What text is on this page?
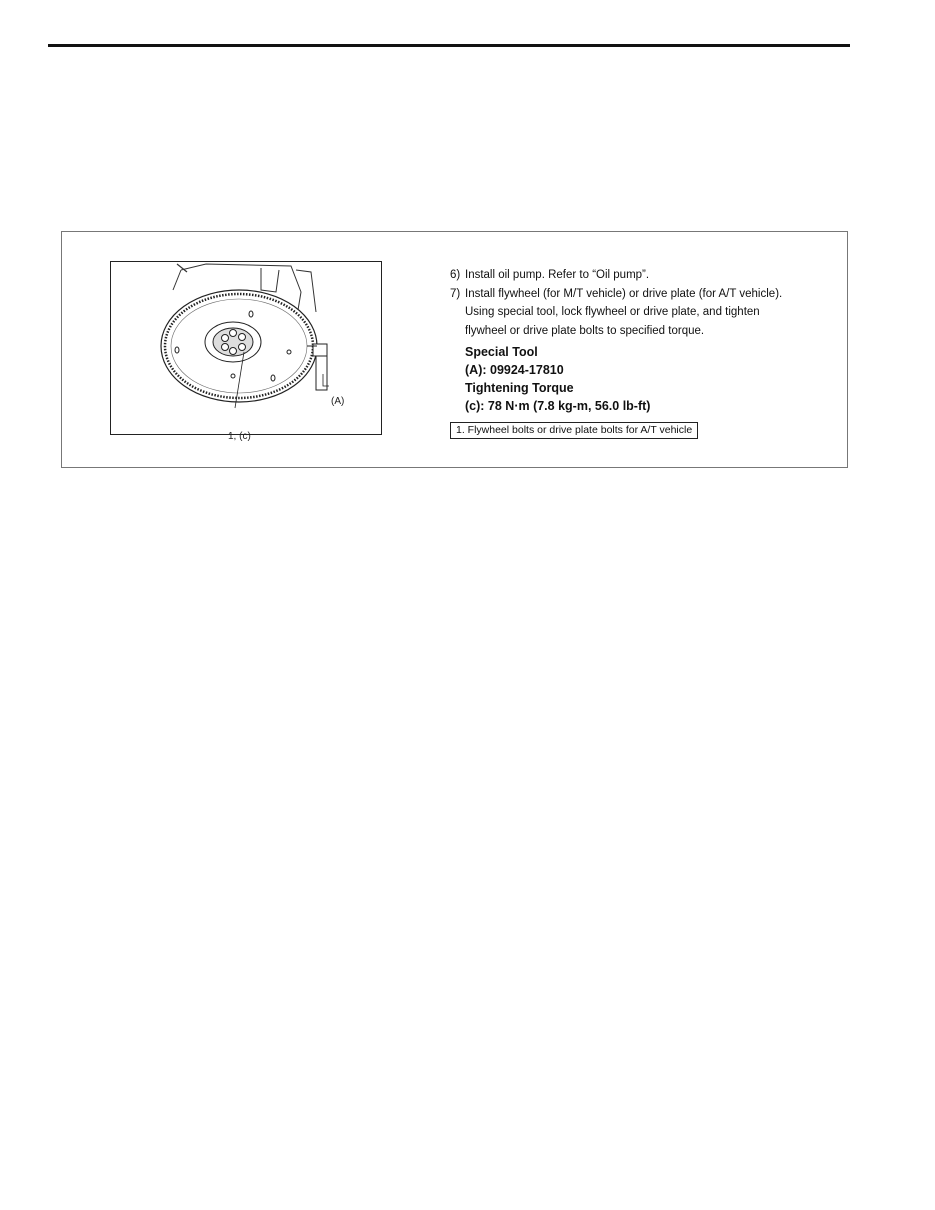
(A)
1, (c)
6) Install oil pump. Refer to “Oil pump”.
7) Install flywheel (for M/T vehicle) or drive plate (for A/T vehicle).
Using special tool, lock flywheel or drive plate, and tighten
flywheel or drive plate bolts to specified torque.
Special Tool
(A): 09924-17810
Tightening Torque
(c): 78 N·m (7.8 kg-m, 56.0 lb-ft)
1. Flywheel bolts or drive plate bolts for A/T vehicle
